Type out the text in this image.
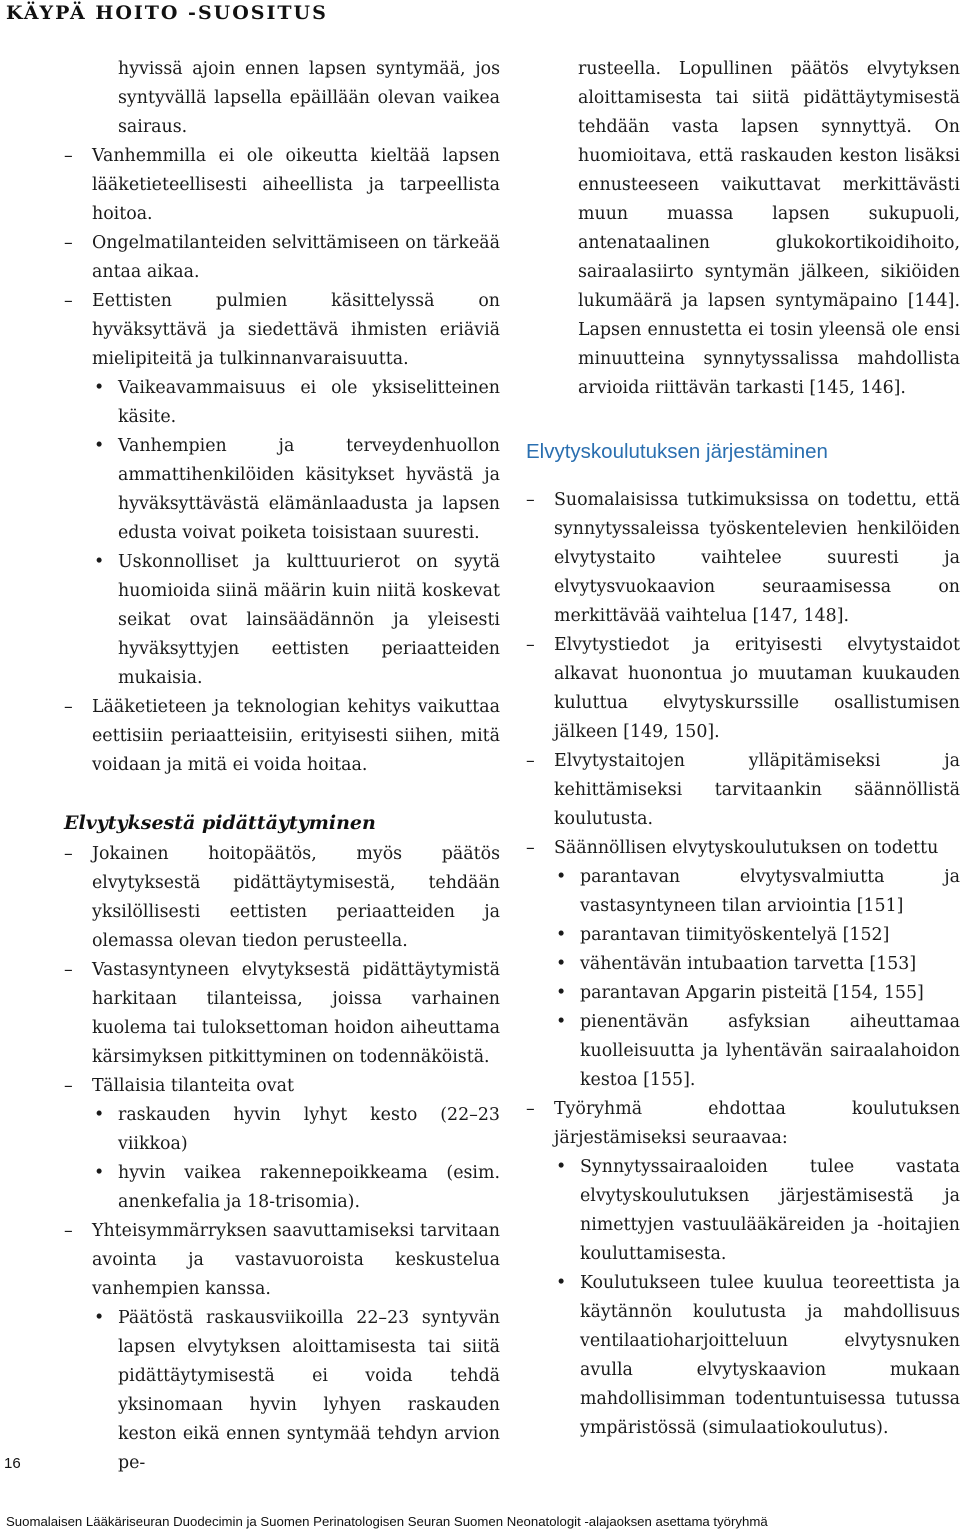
KÄYPÄ HOITO -SUOSITUS
hyvissä ajoin ennen lapsen syntymää, jos syntyvällä lapsella epäillään olevan vaikea sairaus.
– Vanhemmilla ei ole oikeutta kieltää lapsen lääketieteellisesti aiheellista ja tarpeellista hoitoa.
– Ongelmatilanteiden selvittämiseen on tärkeää antaa aikaa.
– Eettisten pulmien käsittelyssä on hyväksyttävä ja siedettävä ihmisten eriäviä mielipiteitä ja tulkinnanvaraisuutta.
• Vaikeavammaisuus ei ole yksiselitteinen käsite.
• Vanhempien ja terveydenhuollon ammattihenkilöiden käsitykset hyvästä ja hyväksyttävästä elämänlaadusta ja lapsen edusta voivat poiketa toisistaan suuresti.
• Uskonnolliset ja kulttuurierot on syytä huomioida siinä määrin kuin niitä koskevat seikat ovat lainsäädännön ja yleisesti hyväksyttyjen eettisten periaatteiden mukaisia.
– Lääketieteen ja teknologian kehitys vaikuttaa eettisiin periaatteisiin, erityisesti siihen, mitä voidaan ja mitä ei voida hoitaa.
Elvytyksestä pidättäytyminen
– Jokainen hoitopäätös, myös päätös elvytyksestä pidättäytymisestä, tehdään yksilöllisesti eettisten periaatteiden ja olemassa olevan tiedon perusteella.
– Vastasyntyneen elvytyksestä pidättäytymistä harkitaan tilanteissa, joissa varhainen kuolema tai tuloksettoman hoidon aiheuttama kärsimyksen pitkittyminen on todennäköistä.
– Tällaisia tilanteita ovat
• raskauden hyvin lyhyt kesto (22–23 viikkoa)
• hyvin vaikea rakennepoikkeama (esim. anenkefalia ja 18-trisomia).
– Yhteisymmärryksen saavuttamiseksi tarvitaan avointa ja vastavuoroista keskustelua vanhempien kanssa.
• Päätöstä raskausviikoilla 22–23 syntyvän lapsen elvytyksen aloittamisesta tai siitä pidättäytymisestä ei voida tehdä yksinomaan hyvin lyhyen raskauden keston eikä ennen syntymää tehdyn arvion pe-
rusteella. Lopullinen päätös elvytyksen aloittamisesta tai siitä pidättäytymisestä tehdään vasta lapsen synnyttyä. On huomioitava, että raskauden keston lisäksi ennusteeseen vaikuttavat merkittävästi muun muassa lapsen sukupuoli, antenataalinen glukokortikoidihoito, sairaalasiirto syntymän jälkeen, sikiöiden lukumäärä ja lapsen syntymäpaino [144]. Lapsen ennustetta ei tosin yleensä ole ensi minuutteina synnytyssalissa mahdollista arvioida riittävän tarkasti [145, 146].
Elvytyskoulutuksen järjestäminen
– Suomalaisissa tutkimuksissa on todettu, että synnytyssaleissa työskentelevien henkilöiden elvytystaito vaihtelee suuresti ja elvytysvuokaavion seuraamisessa on merkittävää vaihtelua [147, 148].
– Elvytystiedot ja erityisesti elvytystaidot alkavat huonontua jo muutaman kuukauden kuluttua elvytyskurssille osallistumisen jälkeen [149, 150].
– Elvytystaitojen ylläpitämiseksi ja kehittämiseksi tarvitaankin säännöllistä koulutusta.
– Säännöllisen elvytyskoulutuksen on todettu
• parantavan elvytysvalmiutta ja vastasyntyneen tilan arviointia [151]
• parantavan tiimityöskentelyä [152]
• vähentävän intubaation tarvetta [153]
• parantavan Apgarin pisteitä [154, 155]
• pienentävän asfyksian aiheuttamaa kuolleisuutta ja lyhentävän sairaalahoidon kestoa [155].
– Työryhmä ehdottaa koulutuksen järjestämiseksi seuraavaa:
• Synnytyssairaaloiden tulee vastata elvytyskoulutuksen järjestämisestä ja nimettyjen vastuulääkäreiden ja -hoitajien kouluttamisesta.
• Koulutukseen tulee kuulua teoreettista ja käytännön koulutusta ja mahdollisuus ventilaatioharjoitteluun elvytysnuken avulla elvytyskaavion mukaan mahdollisimman todentuntuisessa tutussa ympäristössä (simulaatiokoulutus).
16
Suomalaisen Lääkäriseuran Duodecimin ja Suomen Perinatologisen Seuran Suomen Neonatologit -alajaoksen asettama työryhmä
